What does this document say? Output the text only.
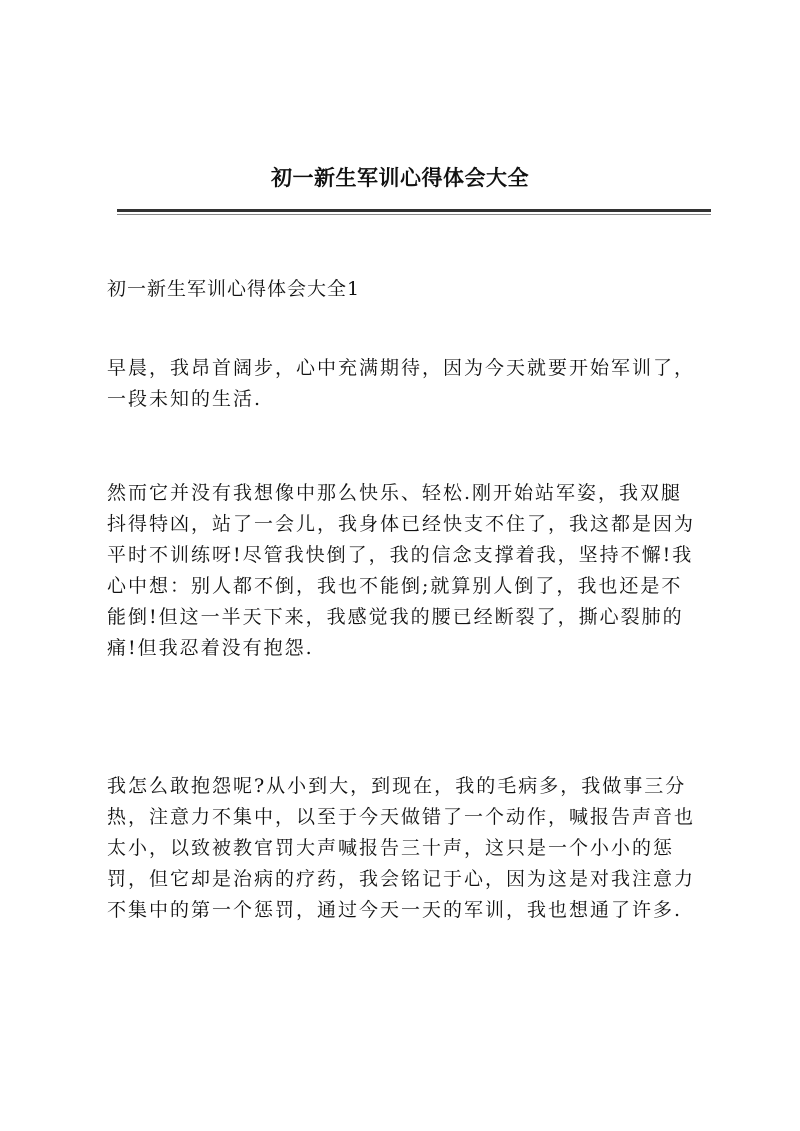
初一新生军训心得体会大全
初一新生军训心得体会大全1
早晨，我昂首阔步，心中充满期待，因为今天就要开始军训了，
一段未知的生活.
然而它并没有我想像中那么快乐、轻松.刚开始站军姿，我双腿
抖得特凶，站了一会儿，我身体已经快支不住了，我这都是因为
平时不训练呀!尽管我快倒了，我的信念支撑着我，坚持不懈!我
心中想：别人都不倒，我也不能倒;就算别人倒了，我也还是不
能倒!但这一半天下来，我感觉我的腰已经断裂了，撕心裂肺的
痛!但我忍着没有抱怨.
我怎么敢抱怨呢?从小到大，到现在，我的毛病多，我做事三分
热，注意力不集中，以至于今天做错了一个动作，喊报告声音也
太小，以致被教官罚大声喊报告三十声，这只是一个小小的惩
罚，但它却是治病的疗药，我会铭记于心，因为这是对我注意力
不集中的第一个惩罚，通过今天一天的军训，我也想通了许多.
